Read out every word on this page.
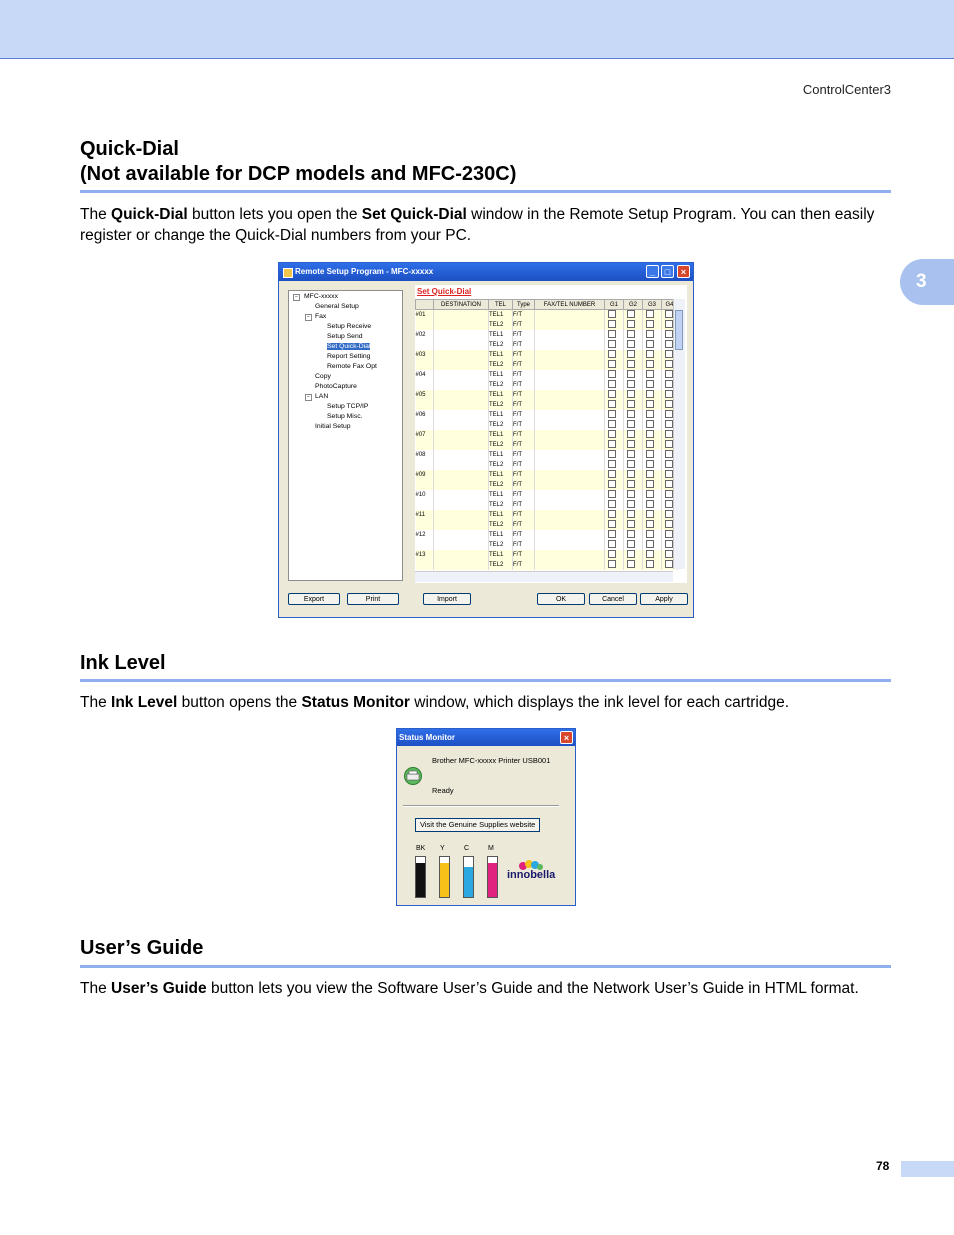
ControlCenter3
3
Quick-Dial
(Not available for DCP models and MFC-230C)

The Quick-Dial button lets you open the Set Quick-Dial window in the Remote Setup Program. You can then easily register or change the Quick-Dial numbers from your PC.

Remote Setup Program - MFC-xxxxx	_	□	×
− MFC-xxxxx
General Setup
− Fax
Setup Receive
Setup Send
Set Quick-Dial
Report Setting
Remote Fax Opt
Copy
PhotoCapture
− LAN
Setup TCP/IP
Setup Misc.
Initial Setup
Set Quick-Dial
	DESTINATION	TEL	Type	FAX/TEL NUMBER	G1	G2	G3	G4
#01		TEL1	F/T					
		TEL2	F/T					
#02		TEL1	F/T					
		TEL2	F/T					
#03		TEL1	F/T					
		TEL2	F/T					
#04		TEL1	F/T					
		TEL2	F/T					
#05		TEL1	F/T					
		TEL2	F/T					
#06		TEL1	F/T					
		TEL2	F/T					
#07		TEL1	F/T					
		TEL2	F/T					
#08		TEL1	F/T					
		TEL2	F/T					
#09		TEL1	F/T					
		TEL2	F/T					
#10		TEL1	F/T					
		TEL2	F/T					
#11		TEL1	F/T					
		TEL2	F/T					
#12		TEL1	F/T					
		TEL2	F/T					
#13		TEL1	F/T					
		TEL2	F/T					
Export	Print	Import	OK	Cancel	Apply
Ink Level

The Ink Level button opens the Status Monitor window, which displays the ink level for each cartridge.

Status Monitor	×
Brother MFC-xxxxx Printer USB001
Ready
Visit the Genuine Supplies website
BK Y	C	M
innobella
User’s Guide

The User’s Guide button lets you view the Software User’s Guide and the Network User’s Guide in HTML format.

78
